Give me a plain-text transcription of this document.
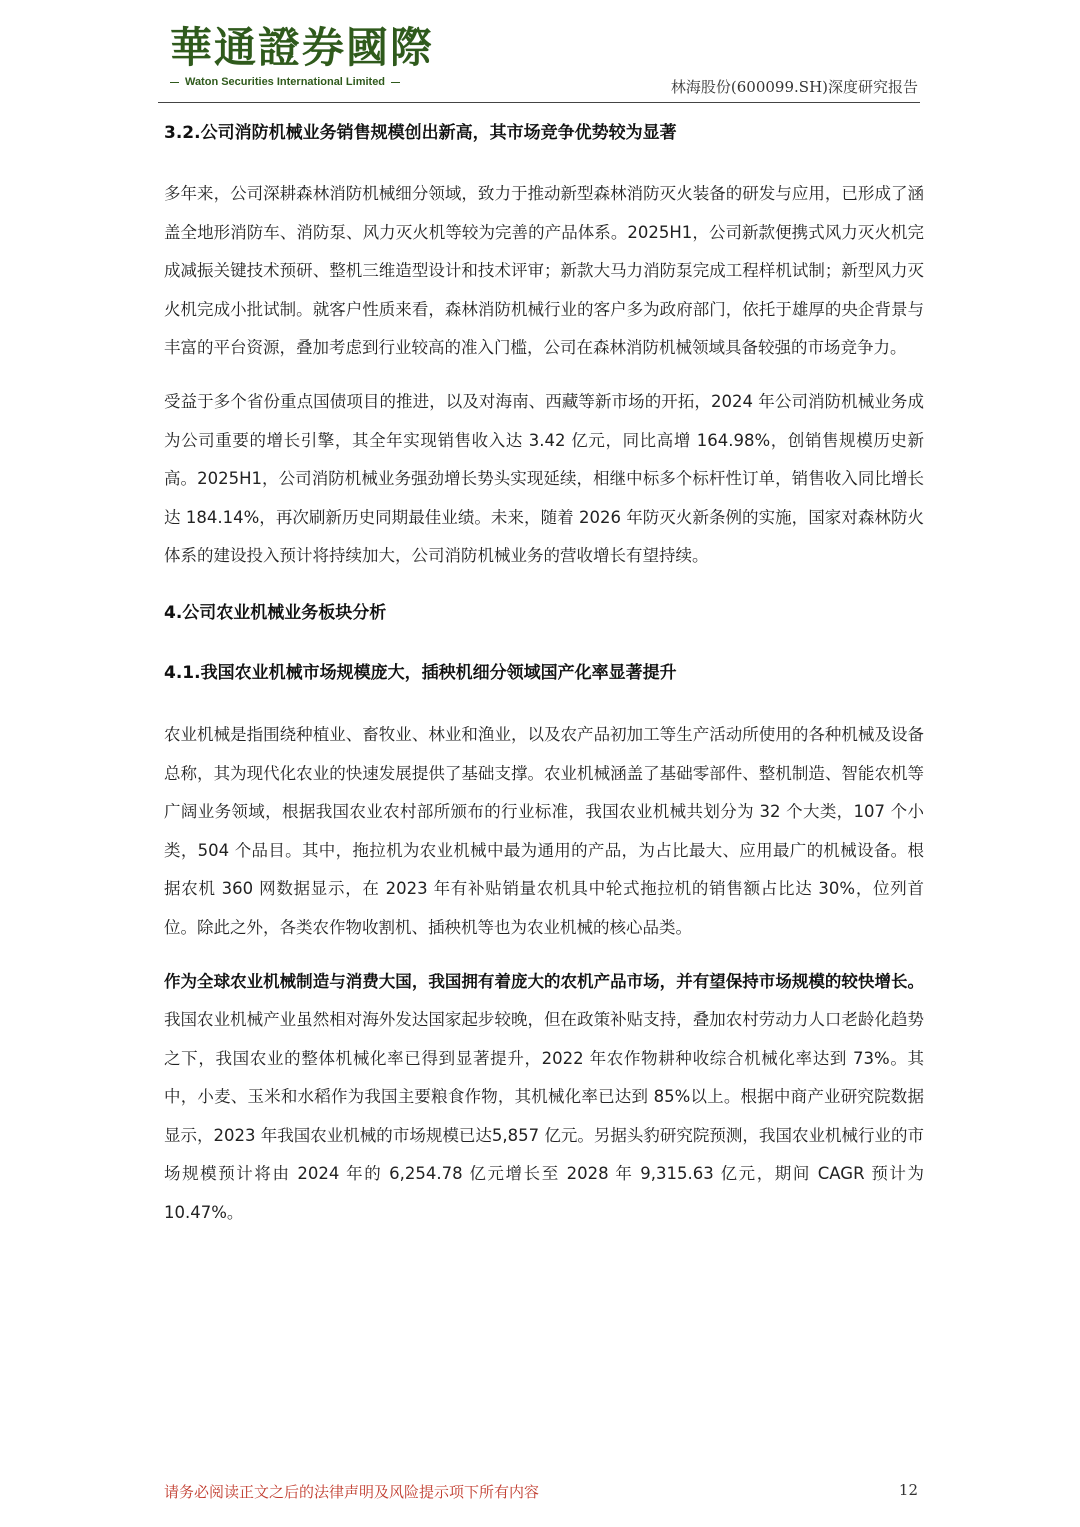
華通證券國際
Waton Securities International Limited	林海股份(600099.SH)深度研究报告
3.2.公司消防机械业务销售规模创出新高，其市场竞争优势较为显著

多年来，公司深耕森林消防机械细分领域，致力于推动新型森林消防灭火装备的研发与应用，已形成了涵盖全地形消防车、消防泵、风力灭火机等较为完善的产品体系。2025H1，公司新款便携式风力灭火机完成减振关键技术预研、整机三维造型设计和技术评审；新款大马力消防泵完成工程样机试制；新型风力灭火机完成小批试制。就客户性质来看，森林消防机械行业的客户多为政府部门，依托于雄厚的央企背景与丰富的平台资源，叠加考虑到行业较高的准入门槛，公司在森林消防机械领域具备较强的市场竞争力。

受益于多个省份重点国债项目的推进，以及对海南、西藏等新市场的开拓，2024 年公司消防机械业务成为公司重要的增长引擎，其全年实现销售收入达 3.42 亿元，同比高增 164.98%，创销售规模历史新高。2025H1，公司消防机械业务强劲增长势头实现延续，相继中标多个标杆性订单，销售收入同比增长达 184.14%，再次刷新历史同期最佳业绩。未来，随着 2026 年防灭火新条例的实施，国家对森林防火体系的建设投入预计将持续加大，公司消防机械业务的营收增长有望持续。

4.公司农业机械业务板块分析
4.1.我国农业机械市场规模庞大，插秧机细分领域国产化率显著提升

农业机械是指围绕种植业、畜牧业、林业和渔业，以及农产品初加工等生产活动所使用的各种机械及设备总称，其为现代化农业的快速发展提供了基础支撑。农业机械涵盖了基础零部件、整机制造、智能农机等广阔业务领域，根据我国农业农村部所颁布的行业标准，我国农业机械共划分为 32 个大类，107 个小类，504 个品目。其中，拖拉机为农业机械中最为通用的产品，为占比最大、应用最广的机械设备。根据农机 360 网数据显示，在 2023 年有补贴销量农机具中轮式拖拉机的销售额占比达 30%，位列首位。除此之外，各类农作物收割机、插秧机等也为农业机械的核心品类。

作为全球农业机械制造与消费大国，我国拥有着庞大的农机产品市场，并有望保持市场规模的较快增长。我国农业机械产业虽然相对海外发达国家起步较晚，但在政策补贴支持，叠加农村劳动力人口老龄化趋势之下，我国农业的整体机械化率已得到显著提升，2022 年农作物耕种收综合机械化率达到 73%。其中，小麦、玉米和水稻作为我国主要粮食作物，其机械化率已达到 85%以上。根据中商产业研究院数据显示，2023 年我国农业机械的市场规模已达5,857 亿元。另据头豹研究院预测，我国农业机械行业的市场规模预计将由 2024 年的 6,254.78 亿元增长至 2028 年 9,315.63 亿元，期间 CAGR 预计为 10.47%。

请务必阅读正文之后的法律声明及风险提示项下所有内容	12
